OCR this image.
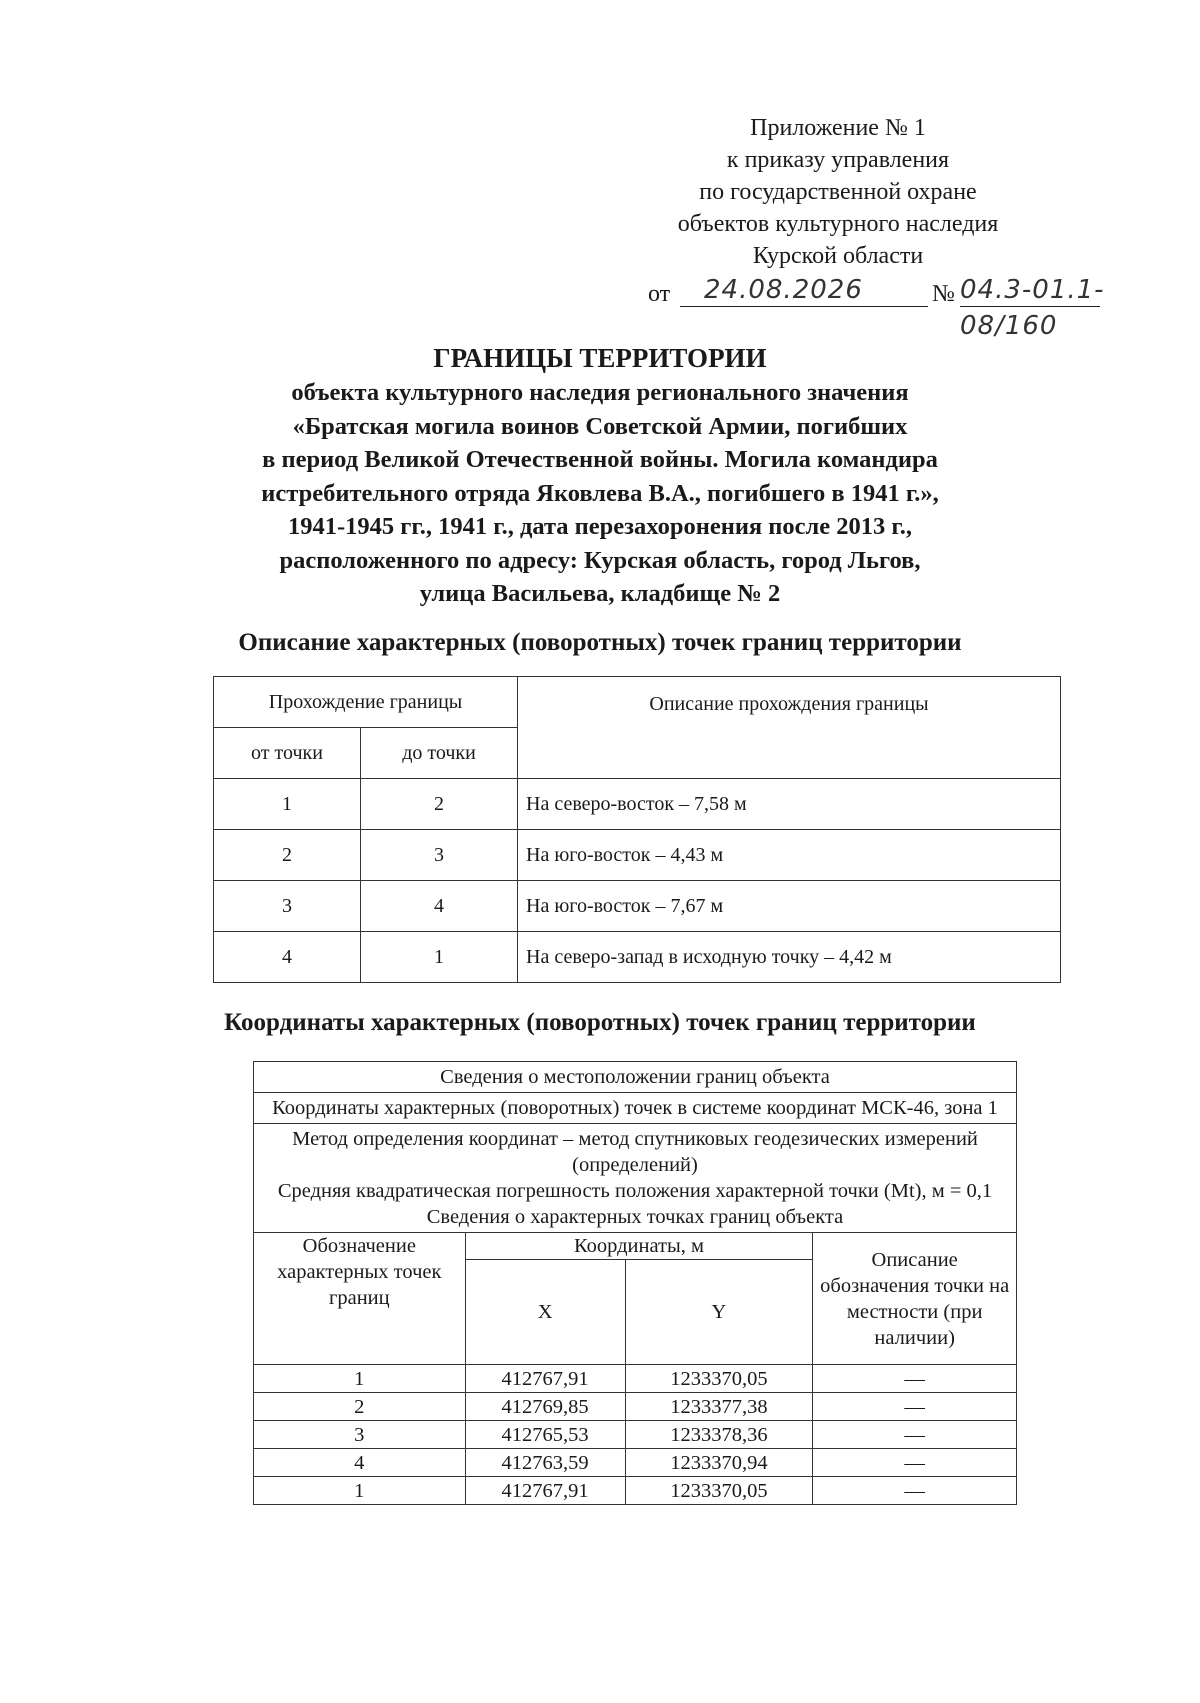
Приложение № 1
к приказу управления
по государственной охране
объектов культурного наследия
Курской области
от 24.08.2026	№ 04.3-01.1-08/160
ГРАНИЦЫ ТЕРРИТОРИИ
объекта культурного наследия регионального значения
«Братская могила воинов Советской Армии, погибших
в период Великой Отечественной войны. Могила командира
истребительного отряда Яковлева В.А., погибшего в 1941 г.»,
1941-1945 гг., 1941 г., дата перезахоронения после 2013 г.,
расположенного по адресу: Курская область, город Льгов,
улица Васильева, кладбище № 2
Описание характерных (поворотных) точек границ территории
Прохождение границы		Описание прохождения границы
от точки	до точки	
1	2	На северо-восток – 7,58 м
2	3	На юго-восток – 4,43 м
3	4	На юго-восток – 7,67 м
4	1	На северо-запад в исходную точку – 4,42 м
Координаты характерных (поворотных) точек границ территории
Сведения о местоположении границ объекта			
Координаты характерных (поворотных) точек в системе координат МСК-46, зона 1			

Метод определения координат – метод спутниковых геодезических измерений (определений)
Средняя квадратическая погрешность положения характерной точки (Mt), м = 0,1
Сведения о характерных точках границ объекта			

Обозначение характерных точек границ	Координаты, м		Описание обозначения точки на местности (при наличии)
	X	Y	
1	412767,91	1233370,05	—
2	412769,85	1233377,38	—
3	412765,53	1233378,36	—
4	412763,59	1233370,94	—
1	412767,91	1233370,05	—
